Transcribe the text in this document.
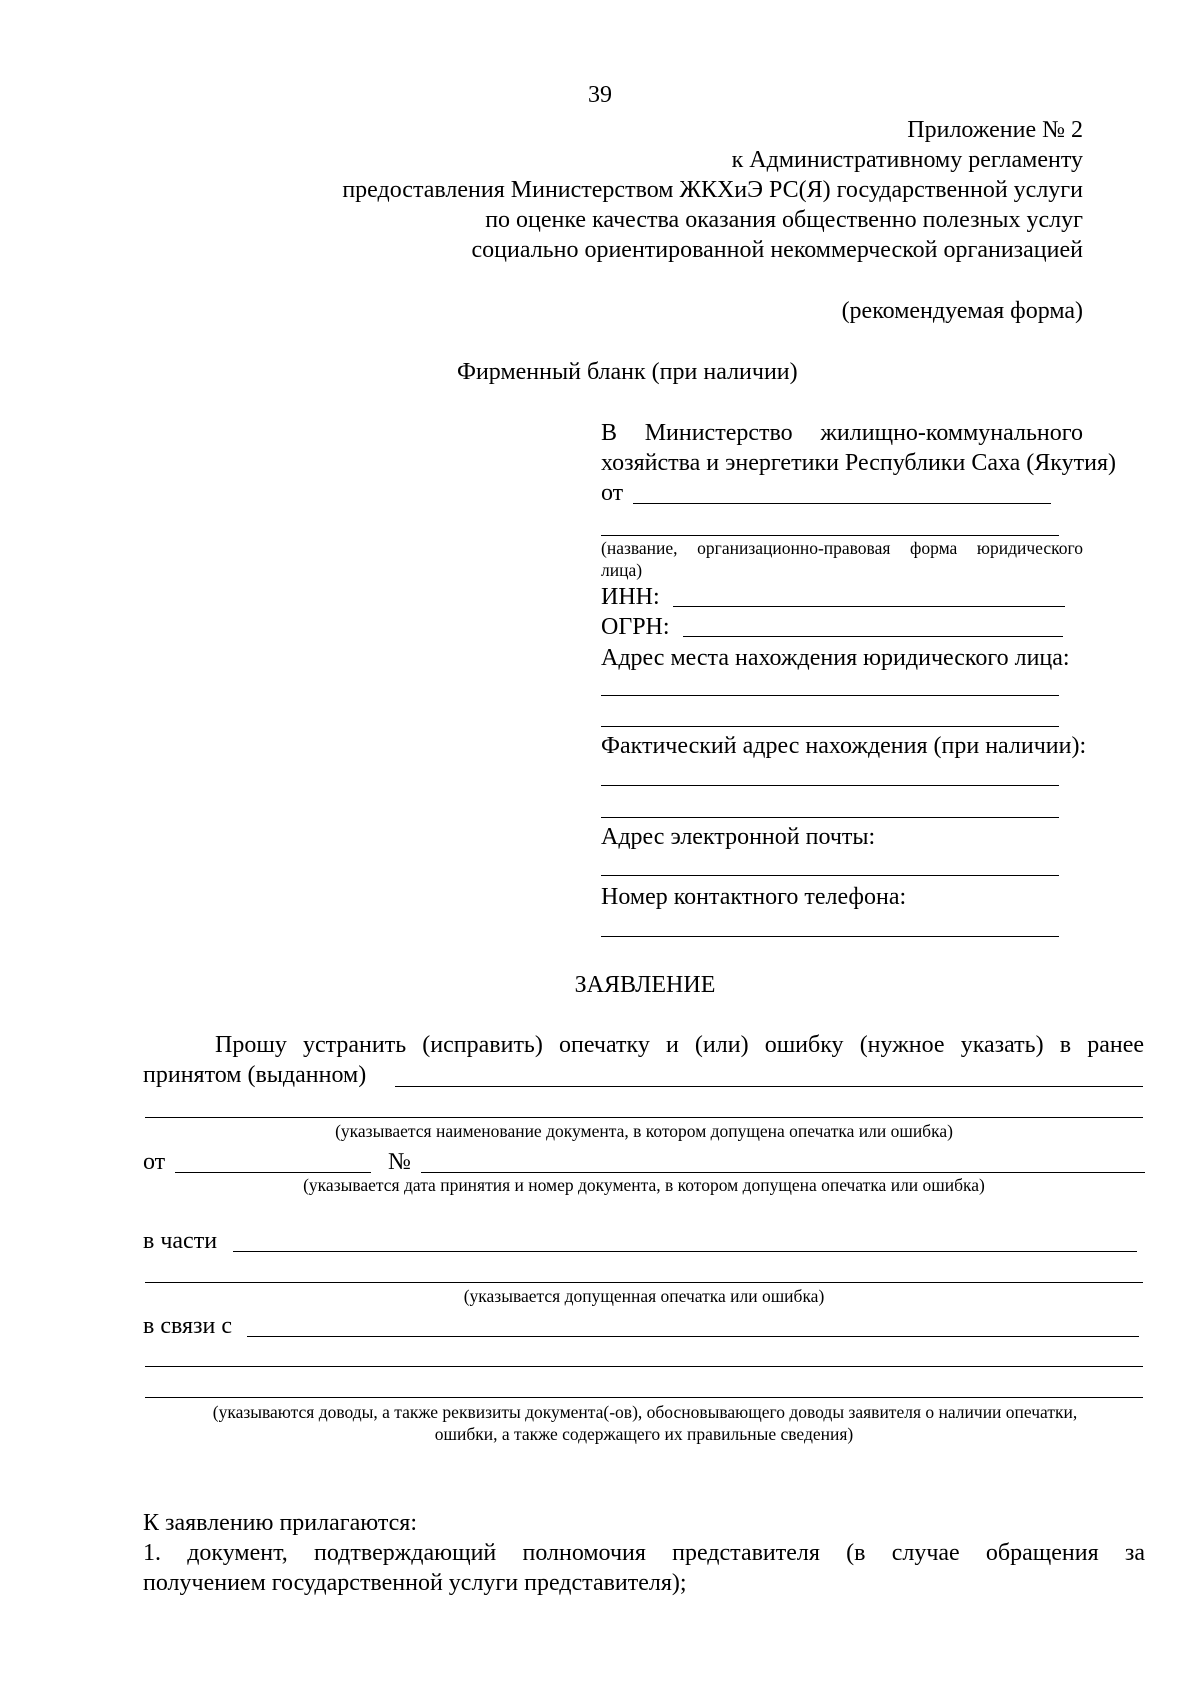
39
Приложение № 2
к Административному регламенту
предоставления Министерством ЖКХиЭ РС(Я) государственной услуги
по оценке качества оказания общественно полезных услуг
социально ориентированной некоммерческой организацией
(рекомендуемая форма)
Фирменный бланк (при наличии)
В Министерство жилищно-коммунального
хозяйства и энергетики Республики Саха (Якутия)
от
(название, организационно-правовая форма юридического
лица)
ИНН:
ОГРН:
Адрес места нахождения юридического лица:
Фактический адрес нахождения (при наличии):
Адрес электронной почты:
Номер контактного телефона:
ЗАЯВЛЕНИЕ
Прошу устранить (исправить) опечатку и (или) ошибку (нужное указать) в ранее
принятом (выданном)
(указывается наименование документа, в котором допущена опечатка или ошибка)
от	№
(указывается дата принятия и номер документа, в котором допущена опечатка или ошибка)
в части
(указывается допущенная опечатка или ошибка)
в связи с
(указываются доводы, а также реквизиты документа(-ов), обосновывающего доводы заявителя о наличии опечатки,
ошибки, а также содержащего их правильные сведения)
К заявлению прилагаются:
1. документ, подтверждающий полномочия представителя (в случае обращения за
получением государственной услуги представителя);
